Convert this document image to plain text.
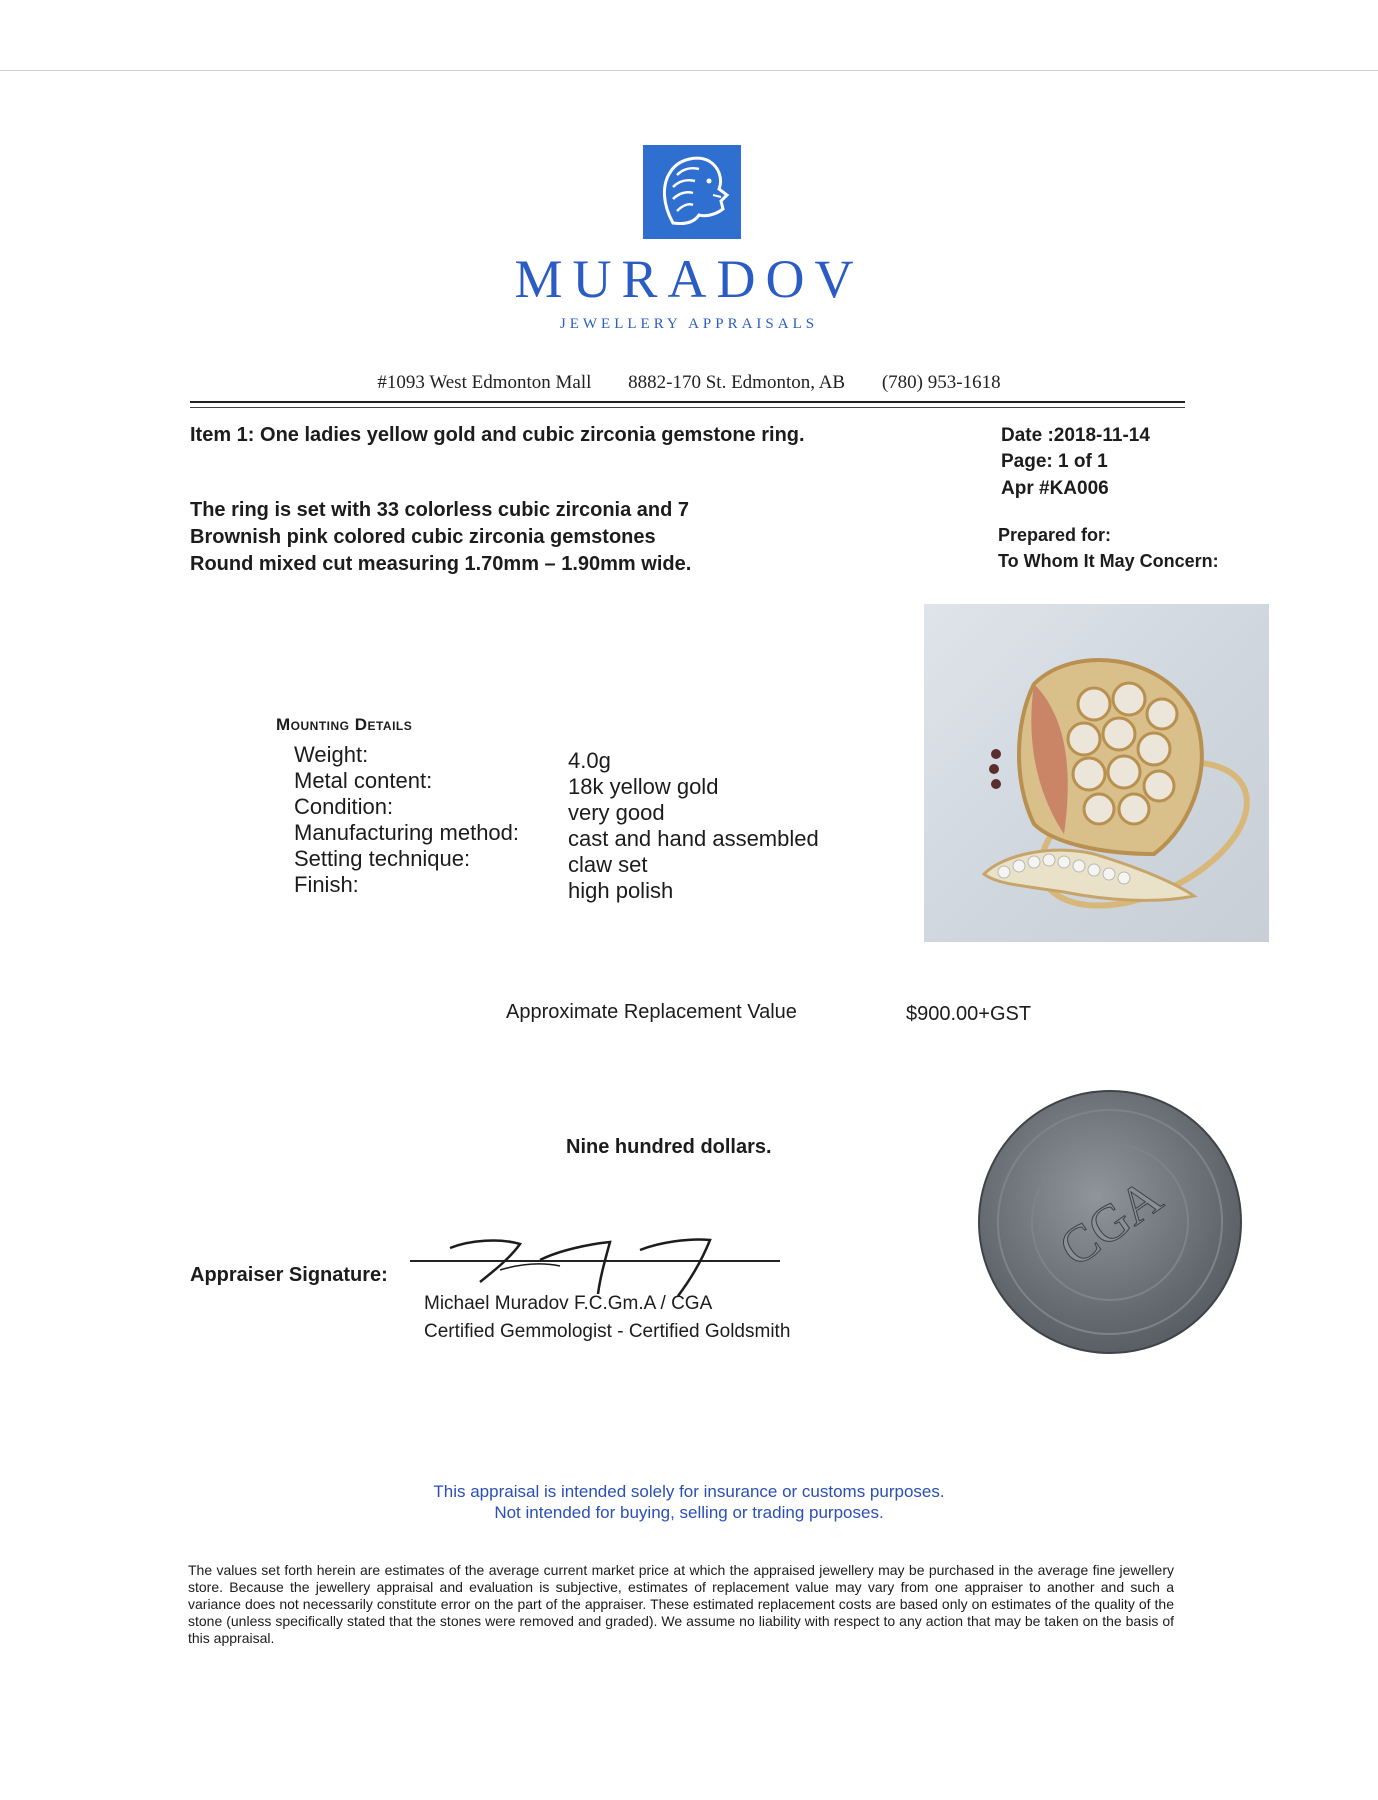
MURADOV
JEWELLERY APPRAISALS
#1093 West Edmonton Mall 8882-170 St. Edmonton, AB (780) 953-1618
Item 1: One ladies yellow gold and cubic zirconia gemstone ring.
The ring is set with 33 colorless cubic zirconia and 7
Brownish pink colored cubic zirconia gemstones
Round mixed cut measuring 1.70mm – 1.90mm wide.
Date :2018-11-14
Page: 1 of 1
Apr #KA006
Prepared for:
To Whom It May Concern:
Mounting Details
Weight:	4.0g
Metal content:	18k yellow gold
Condition:	very good
Manufacturing method: cast and hand assembled
Setting technique:	claw set
Finish:	high polish
Approximate Replacement Value	$900.00+GST
Nine hundred dollars.
Appraiser Signature:
Michael Muradov F.C.Gm.A / CGA
Certified Gemmologist - Certified Goldsmith
CGA
This appraisal is intended solely for insurance or customs purposes.
Not intended for buying, selling or trading purposes.
The values set forth herein are estimates of the average current market price at which the appraised jewellery may be purchased in the average fine jewellery store. Because the jewellery appraisal and evaluation is subjective, estimates of replacement value may vary from one appraiser to another and such a variance does not necessarily constitute error on the part of the appraiser. These estimated replacement costs are based only on estimates of the quality of the stone (unless specifically stated that the stones were removed and graded). We assume no liability with respect to any action that may be taken on the basis of this appraisal.
